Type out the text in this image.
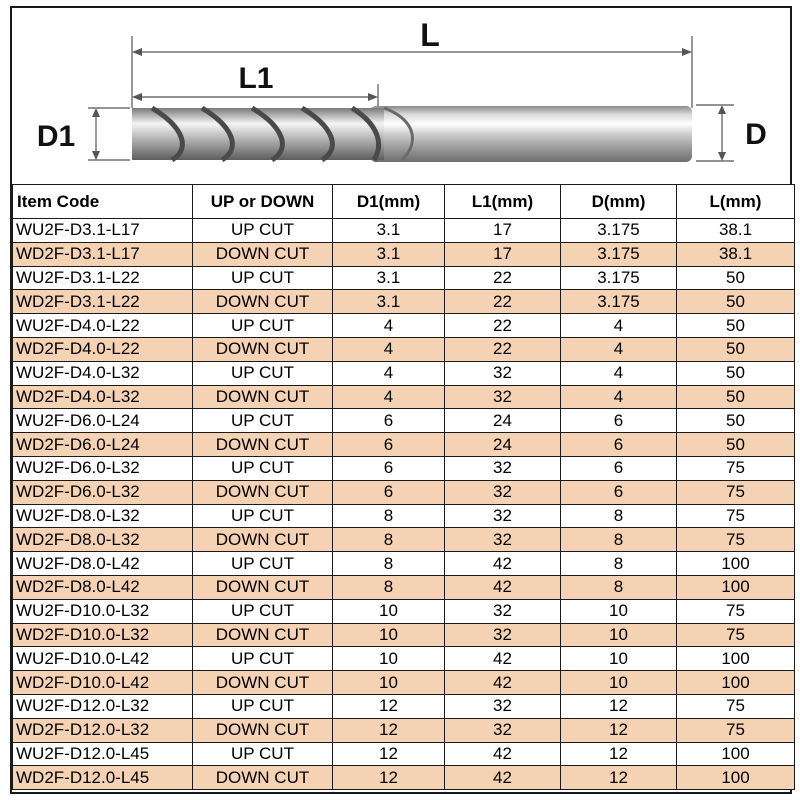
L
L1
D1	D
Item Code	UP or DOWN	D1(mm)	L1(mm)	D(mm)	L(mm)
WU2F-D3.1-L17	UP CUT	3.1	17	3.175	38.1
WD2F-D3.1-L17	DOWN CUT	3.1	17	3.175	38.1
WU2F-D3.1-L22	UP CUT	3.1	22	3.175	50
WD2F-D3.1-L22	DOWN CUT	3.1	22	3.175	50
WU2F-D4.0-L22	UP CUT	4	22	4	50
WD2F-D4.0-L22	DOWN CUT	4	22	4	50
WU2F-D4.0-L32	UP CUT	4	32	4	50
WD2F-D4.0-L32	DOWN CUT	4	32	4	50
WU2F-D6.0-L24	UP CUT	6	24	6	50
WD2F-D6.0-L24	DOWN CUT	6	24	6	50
WU2F-D6.0-L32	UP CUT	6	32	6	75
WD2F-D6.0-L32	DOWN CUT	6	32	6	75
WU2F-D8.0-L32	UP CUT	8	32	8	75
WD2F-D8.0-L32	DOWN CUT	8	32	8	75
WU2F-D8.0-L42	UP CUT	8	42	8	100
WD2F-D8.0-L42	DOWN CUT	8	42	8	100
WU2F-D10.0-L32	UP CUT	10	32	10	75
WD2F-D10.0-L32	DOWN CUT	10	32	10	75
WU2F-D10.0-L42	UP CUT	10	42	10	100
WD2F-D10.0-L42	DOWN CUT	10	42	10	100
WU2F-D12.0-L32	UP CUT	12	32	12	75
WD2F-D12.0-L32	DOWN CUT	12	32	12	75
WU2F-D12.0-L45	UP CUT	12	42	12	100
WD2F-D12.0-L45	DOWN CUT	12	42	12	100
